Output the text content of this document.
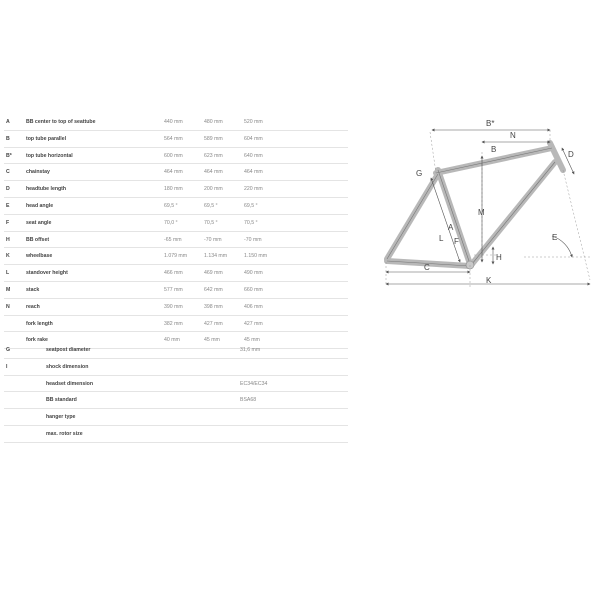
A	BB center to top of seattube	440 mm	480 mm	520 mm
B	top tube parallel	564 mm	589 mm	604 mm
B*	top tube horizontal	600 mm	623 mm	640 mm
C	chainstay	464 mm	464 mm	464 mm
D	headtube length	180 mm	200 mm	220 mm
E	head angle	69,5 °	69,5 °	69,5 °
F	seat angle	70,0 °	70,5 °	70,5 °
H	BB offset	-65 mm	-70 mm	-70 mm
K	wheelbase	1.079 mm	1.134 mm	1.150 mm
L	standover height	466 mm	469 mm	490 mm
M	stack	577 mm	642 mm	660 mm
N	reach	390 mm	398 mm	406 mm
fork length	382 mm	427 mm	427 mm
fork rake	40 mm	45 mm	45 mm
G	seatpost diameter	31,6 mm
I	shock dimension
headset dimension	EC34/EC34
BB standard	BSA68
hanger type
max. rotor size
B*
N
B
D
G
M
A
F	E
L
C
H
K
